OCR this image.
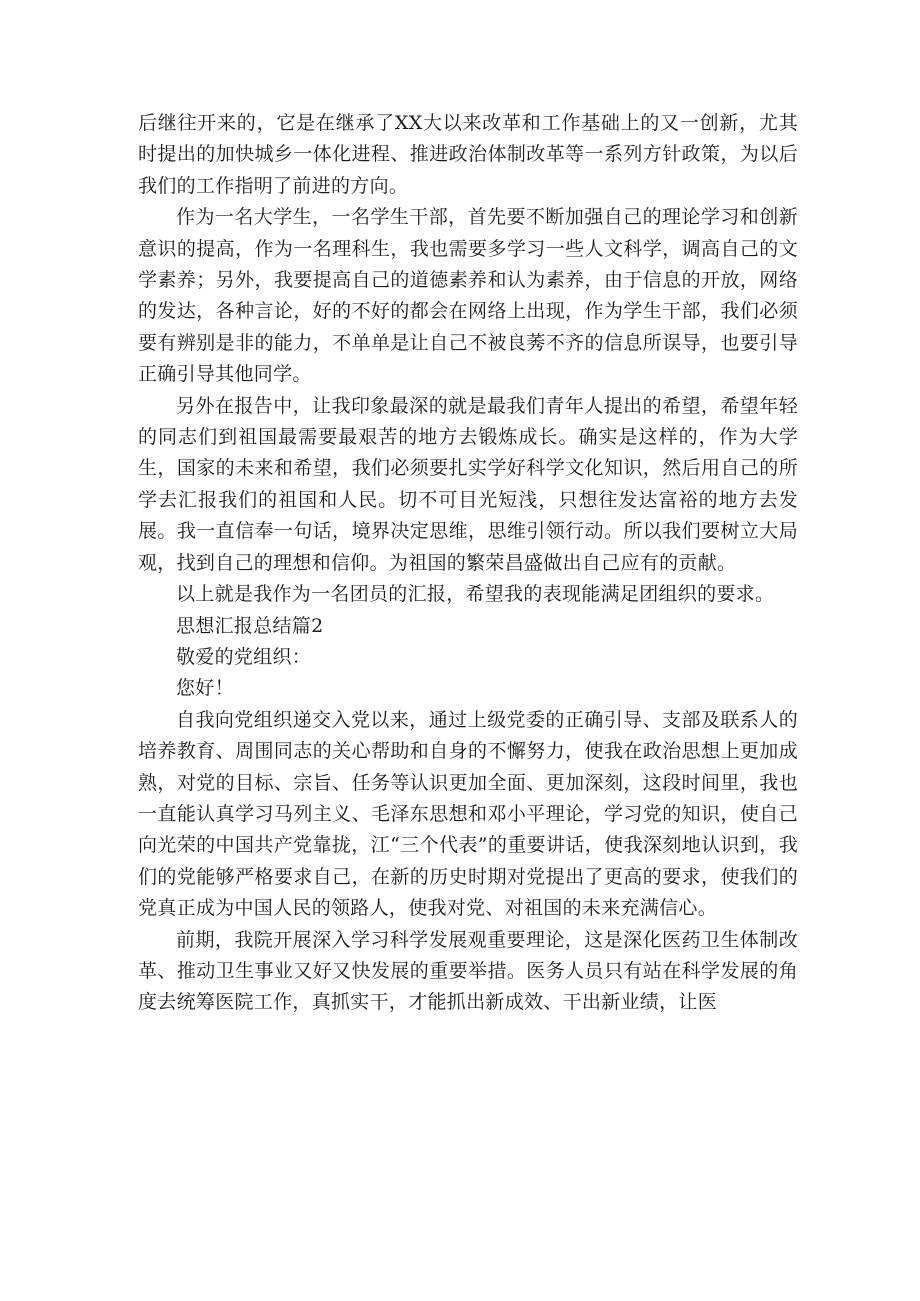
后继往开来的，它是在继承了XX大以来改革和工作基础上的又一创新，尤其时提出的加快城乡一体化进程、推进政治体制改革等一系列方针政策，为以后我们的工作指明了前进的方向。

作为一名大学生，一名学生干部，首先要不断加强自己的理论学习和创新意识的提高，作为一名理科生，我也需要多学习一些人文科学，调高自己的文学素养；另外，我要提高自己的道德素养和认为素养，由于信息的开放，网络的发达，各种言论，好的不好的都会在网络上出现，作为学生干部，我们必须要有辨别是非的能力，不单单是让自己不被良莠不齐的信息所误导，也要引导正确引导其他同学。

另外在报告中，让我印象最深的就是最我们青年人提出的希望，希望年轻的同志们到祖国最需要最艰苦的地方去锻炼成长。确实是这样的，作为大学生，国家的未来和希望，我们必须要扎实学好科学文化知识，然后用自己的所学去汇报我们的祖国和人民。切不可目光短浅，只想往发达富裕的地方去发展。我一直信奉一句话，境界决定思维，思维引领行动。所以我们要树立大局观，找到自己的理想和信仰。为祖国的繁荣昌盛做出自己应有的贡献。

以上就是我作为一名团员的汇报，希望我的表现能满足团组织的要求。

思想汇报总结篇2

敬爱的党组织：

您好！

自我向党组织递交入党以来，通过上级党委的正确引导、支部及联系人的培养教育、周围同志的关心帮助和自身的不懈努力，使我在政治思想上更加成熟，对党的目标、宗旨、任务等认识更加全面、更加深刻，这段时间里，我也一直能认真学习马列主义、毛泽东思想和邓小平理论，学习党的知识，使自己向光荣的中国共产党靠拢，江“三个代表”的重要讲话，使我深刻地认识到，我们的党能够严格要求自己，在新的历史时期对党提出了更高的要求，使我们的党真正成为中国人民的领路人，使我对党、对祖国的未来充满信心。

前期，我院开展深入学习科学发展观重要理论，这是深化医药卫生体制改革、推动卫生事业又好又快发展的重要举措。医务人员只有站在科学发展的角度去统筹医院工作，真抓实干，才能抓出新成效、干出新业绩，让医
